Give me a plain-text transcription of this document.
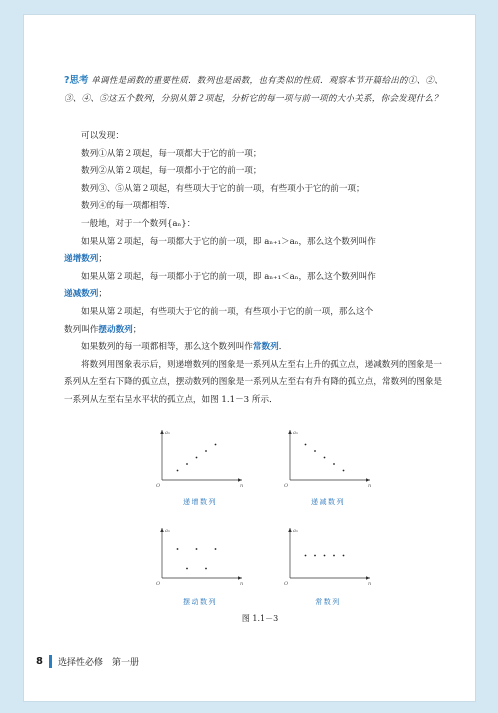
?思考 单调性是函数的重要性质．数列也是函数，也有类似的性质．观察本节开篇给出的①、②、③、④、⑤这五个数列，分别从第２项起，分析它的每一项与前一项的大小关系，你会发现什么？

可以发现：

数列①从第２项起，每一项都大于它的前一项；

数列②从第２项起，每一项都小于它的前一项；

数列③、⑤从第２项起，有些项大于它的前一项，有些项小于它的前一项；

数列④的每一项都相等．

一般地，对于一个数列{aₙ}：

如果从第２项起，每一项都大于它的前一项，即 aₙ₊₁＞aₙ，那么这个数列叫作
递增数列；

如果从第２项起，每一项都小于它的前一项，即 aₙ₊₁＜aₙ，那么这个数列叫作
递减数列；

如果从第２项起，有些项大于它的前一项，有些项小于它的前一项，那么这个
数列叫作摆动数列；

如果数列的每一项都相等，那么这个数列叫作常数列．

将数列用图象表示后，则递增数列的图象是一系列从左至右上升的孤立点，递减数列的图象是一系列从左至右下降的孤立点，摆动数列的图象是一系列从左至右有升有降的孤立点，常数列的图象是一系列从左至右呈水平状的孤立点，如图 1.1－3 所示．

aₙ
n
O
递增数列
aₙ
n
O
递减数列
aₙ
n
O
摆动数列
aₙ
n
O
常数列
图 1.1－3
8 选择性必修　第一册
